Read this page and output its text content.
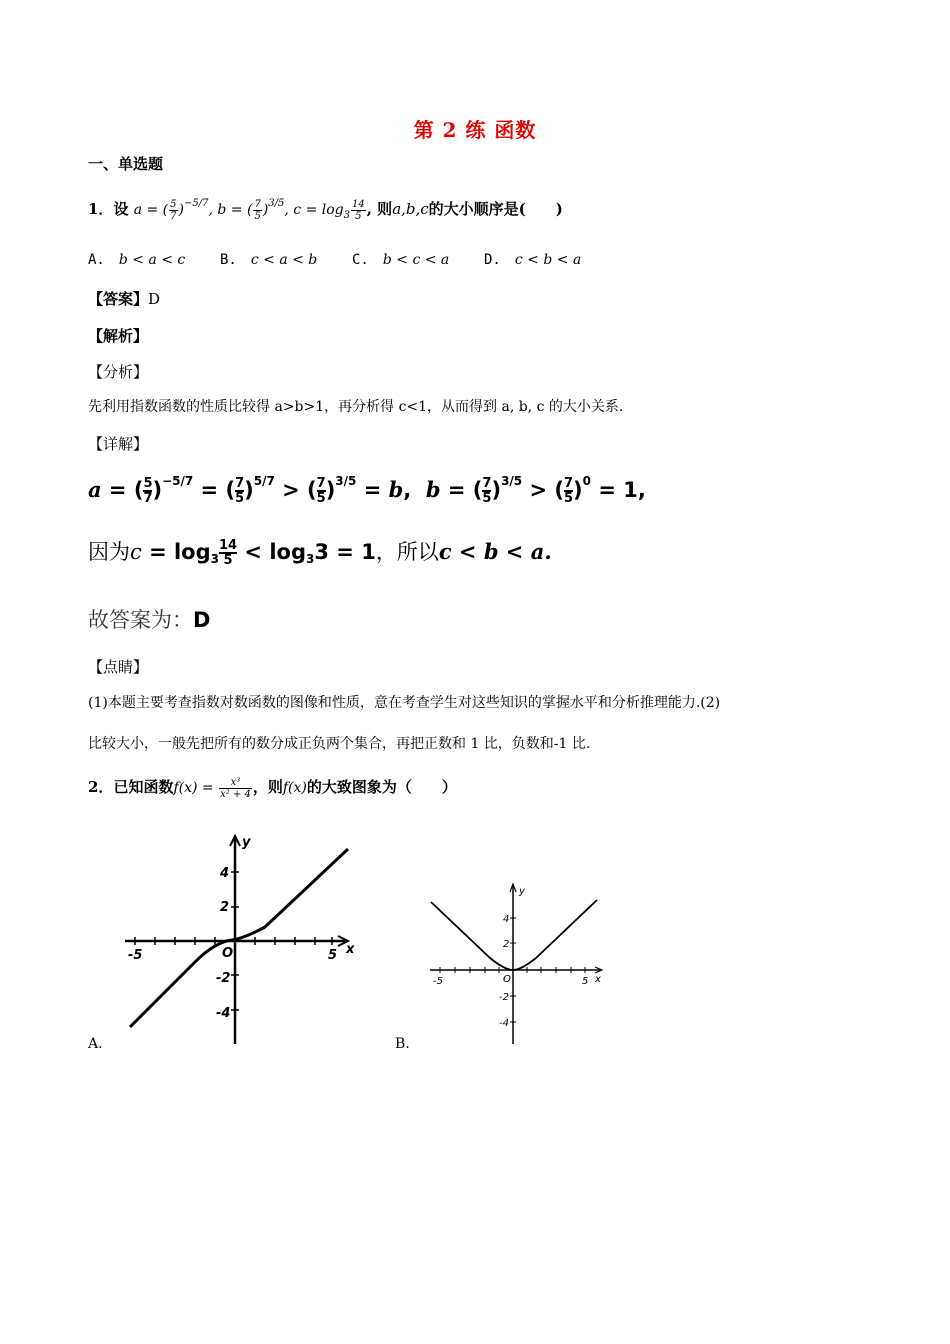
第 2 练 函数
一、单选题
1．设 a = ( $\frac{5}{7} )^{-5/7}$, b = ( $\frac{7}{5} )^{3/5}$, $c = \log_3 \frac{14}{5}$ , 则a,b,c的大小顺序是(　　)
A. b < a < c B. c < a < b C. b < c < a D. c < b < a
【答案】D
【解析】
【分析】
先利用指数函数的性质比较得 a>b>1，再分析得 c<1，从而得到 a, b, c 的大小关系.
【详解】
a = ( $\frac{5}{7} )^{-5/7}$ = ( $\frac{7}{5} )^{5/7}$ > ( $\frac{7}{5} )^{3/5} = b$,  b = ( $\frac{7}{5} )^{3/5}$ > ( $\frac{7}{5} )^0 = 1$,
因为$c = \log_3 \frac{14}{5} < \log_33 = 1$，所以c < b < a.
故答案为：D
【点睛】
(1)本题主要考查指数对数函数的图像和性质，意在考查学生对这些知识的掌握水平和分析推理能力.(2)
比较大小，一般先把所有的数分成正负两个集合，再把正数和 1 比，负数和-1 比.
2．已知函数$f(x) = \frac{\text{x³}}{\text{x² + 4}}$ ，则f(x)的大致图象为（　　）
-5	5 x
y
4
2
-2
-4
O
A.
-5	5 x
y
4
2
-2
-4
O
B.
